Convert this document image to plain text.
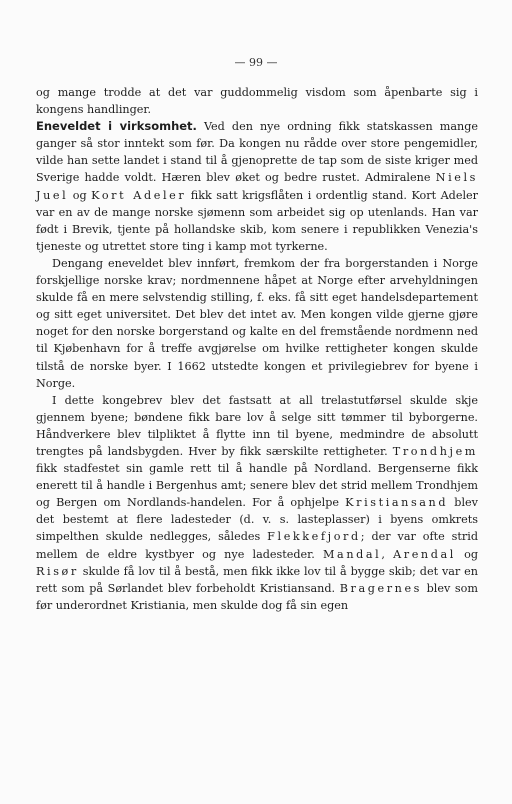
— 99 —

og mange trodde at det var guddommelig visdom som åpenbarte sig i kongens handlinger.

Eneveldet i virksomhet. Ved den nye ordning fikk statskassen mange ganger så stor inntekt som før. Da kongen nu rådde over store pengemidler, vilde han sette landet i stand til å gjenoprette de tap som de siste kriger med Sverige hadde voldt. Hæren blev øket og bedre rustet. Admiralene Niels Juel og Kort Adeler fikk satt krigsflåten i ordentlig stand. Kort Adeler var en av de mange norske sjømenn som arbeidet sig op utenlands. Han var født i Brevik, tjente på hollandske skib, kom senere i republikken Venezia's tjeneste og utrettet store ting i kamp mot tyrkerne.

Dengang eneveldet blev innført, fremkom der fra borgerstanden i Norge forskjellige norske krav; nordmennene håpet at Norge efter arvehyldningen skulde få en mere selvstendig stilling, f. eks. få sitt eget handelsdepartement og sitt eget universitet. Det blev det intet av. Men kongen vilde gjerne gjøre noget for den norske borgerstand og kalte en del fremstående nordmenn ned til Kjøbenhavn for å treffe avgjørelse om hvilke rettigheter kongen skulde tilstå de norske byer. I 1662 utstedte kongen et privilegiebrev for byene i Norge.

I dette kongebrev blev det fastsatt at all trelastutførsel skulde skje gjennem byene; bøndene fikk bare lov å selge sitt tømmer til byborgerne. Håndverkere blev tilpliktet å flytte inn til byene, medmindre de absolutt trengtes på landsbygden. Hver by fikk særskilte rettigheter. Trondhjem fikk stadfestet sin gamle rett til å handle på Nordland. Bergenserne fikk enerett til å handle i Bergenhus amt; senere blev det strid mellem Trondhjem og Bergen om Nordlands-handelen. For å ophjelpe Kristiansand blev det bestemt at flere ladesteder (d. v. s. lasteplasser) i byens omkrets simpelthen skulde nedlegges, således Flekkefjord; der var ofte strid mellem de eldre kystbyer og nye ladesteder. Mandal, Arendal og Risør skulde få lov til å bestå, men fikk ikke lov til å bygge skib; det var en rett som på Sørlandet blev forbeholdt Kristiansand. Bragernes blev som før underordnet Kristiania, men skulde dog få sin egen
